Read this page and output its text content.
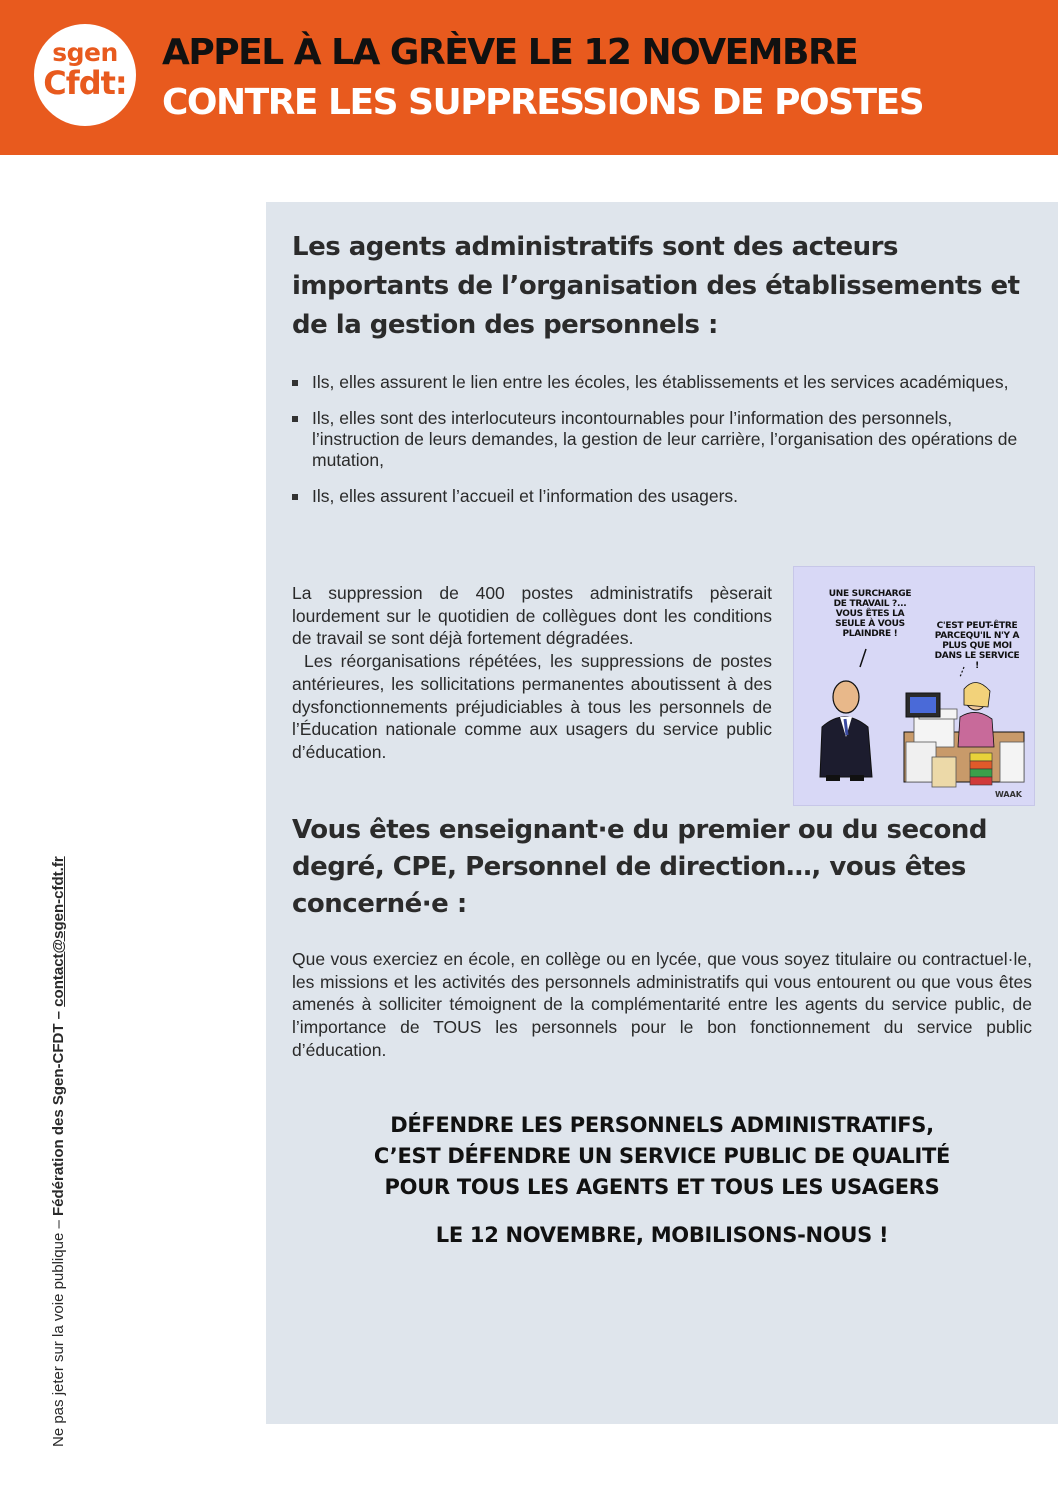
sgen
Cfdt:
APPEL À LA GRÈVE LE 12 NOVEMBRE
CONTRE LES SUPPRESSIONS DE POSTES
Les agents administratifs sont des acteurs importants de l’organisation des établissements et de la gestion des personnels :
Ils, elles assurent le lien entre les écoles, les établissements et les services académiques,
Ils, elles sont des interlocuteurs incontournables pour l’information des personnels, l’instruction de leurs demandes, la gestion de leur carrière, l’organisation des opérations de mutation,
Ils, elles assurent l’accueil et l’information des usagers.

La suppression de 400 postes administratifs pèserait lourdement sur le quotidien de collègues dont les conditions de travail se sont déjà fortement dégradées.
Les réorganisations répétées, les suppressions de postes antérieures, les sollicitations permanentes aboutissent à des dysfonctionnements préjudiciables à tous les personnels de l’Éducation nationale comme aux usagers du service public d’éducation.

UNE SURCHARGE
DE TRAVAIL ?...
VOUS ÊTES LA
SEULE À VOUS
PLAINDRE !
C'EST PEUT-ÊTRE
PARCEQU'IL N'Y A
PLUS QUE MOI
DANS LE SERVICE !
WAAK
Vous êtes enseignant·e du premier ou du second degré, CPE, Personnel de direction…, vous êtes concerné·e :

Que vous exerciez en école, en collège ou en lycée, que vous soyez titulaire ou contractuel·le, les missions et les activités des personnels administratifs qui vous entourent ou que vous êtes amenés à solliciter témoignent de la complémentarité entre les agents du service public, de l’importance de TOUS les personnels pour le bon fonctionnement du service public d’éducation.

DÉFENDRE LES PERSONNELS ADMINISTRATIFS,
C’EST DÉFENDRE UN SERVICE PUBLIC DE QUALITÉ
POUR TOUS LES AGENTS ET TOUS LES USAGERS

LE 12 NOVEMBRE, MOBILISONS-NOUS !

Ne pas jeter sur la voie publique – Fédération des Sgen-CFDT – contact@sgen-cfdt.fr
